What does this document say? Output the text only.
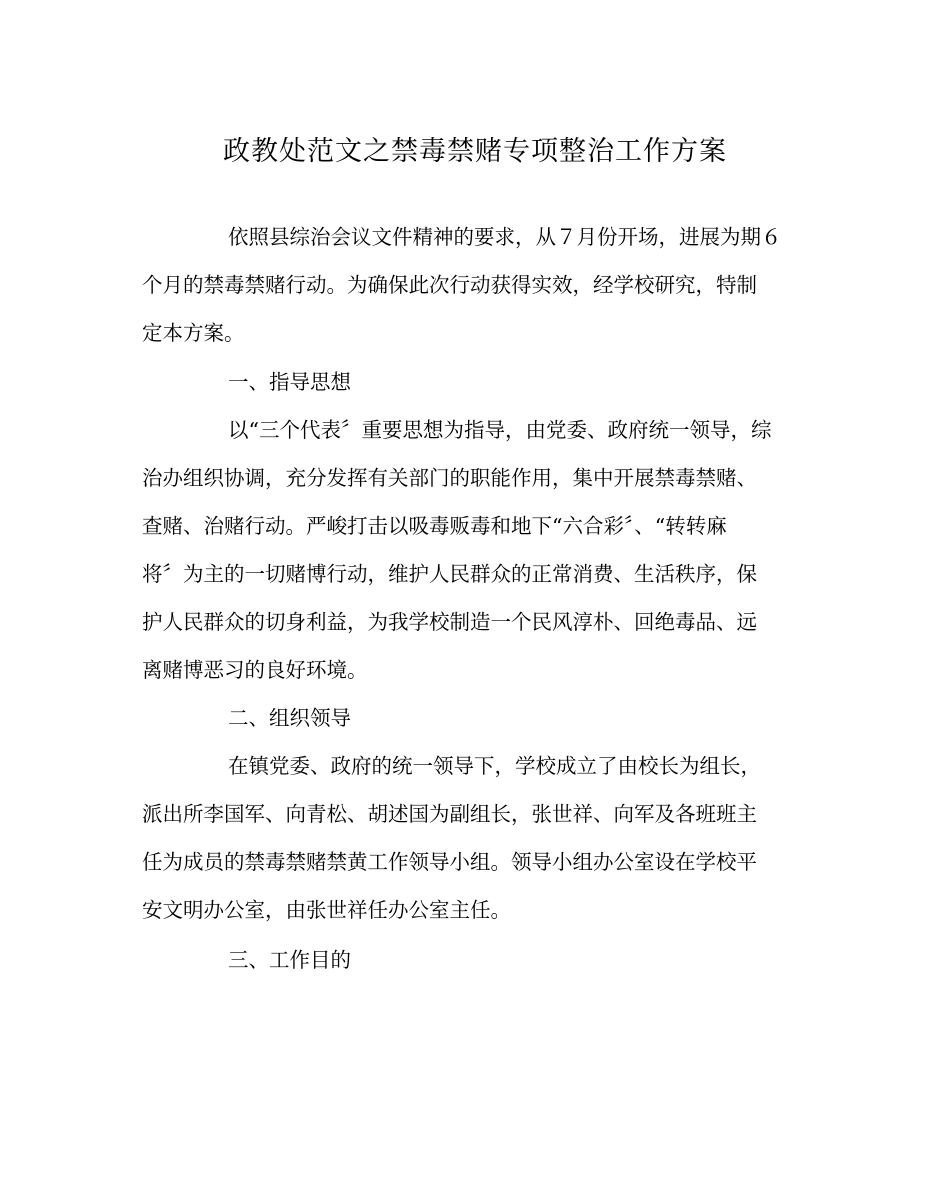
政教处范文之禁毒禁赌专项整治工作方案

依照县综治会议文件精神的要求，从７月份开场，进展为期６

个月的禁毒禁赌行动。为确保此次行动获得实效，经学校研究，特制

定本方案。

一、指导思想

以“三个代表〞重要思想为指导，由党委、政府统一领导，综

治办组织协调，充分发挥有关部门的职能作用，集中开展禁毒禁赌、

查赌、治赌行动。严峻打击以吸毒贩毒和地下“六合彩〞、“转转麻

将〞为主的一切赌博行动，维护人民群众的正常消费、生活秩序，保

护人民群众的切身利益，为我学校制造一个民风淳朴、回绝毒品、远

离赌博恶习的良好环境。

二、组织领导

在镇党委、政府的统一领导下，学校成立了由校长为组长，

派出所李国军、向青松、胡述国为副组长，张世祥、向军及各班班主

任为成员的禁毒禁赌禁黄工作领导小组。领导小组办公室设在学校平

安文明办公室，由张世祥任办公室主任。

三、工作目的
